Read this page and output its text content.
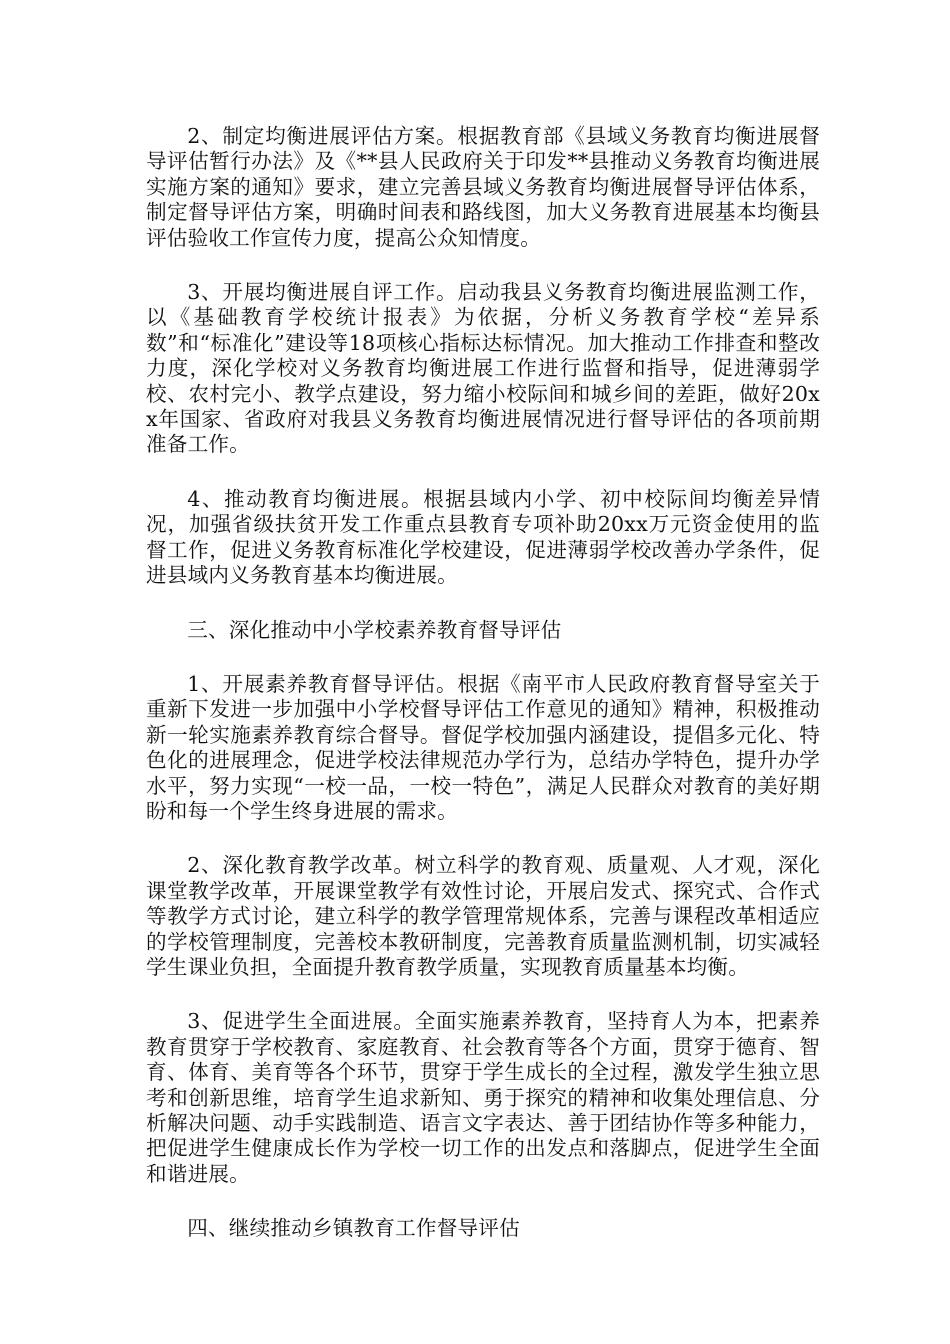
2、制定均衡进展评估方案。根据教育部《县域义务教育均衡进展督导评估暂行办法》及《**县人民政府关于印发**县推动义务教育均衡进展实施方案的通知》要求，建立完善县域义务教育均衡进展督导评估体系，制定督导评估方案，明确时间表和路线图，加大义务教育进展基本均衡县评估验收工作宣传力度，提高公众知情度。

3、开展均衡进展自评工作。启动我县义务教育均衡进展监测工作，以《基础教育学校统计报表》为依据，分析义务教育学校“差异系数”和“标准化”建设等18项核心指标达标情况。加大推动工作排查和整改力度，深化学校对义务教育均衡进展工作进行监督和指导，促进薄弱学校、农村完小、教学点建设，努力缩小校际间和城乡间的差距，做好20xx年国家、省政府对我县义务教育均衡进展情况进行督导评估的各项前期准备工作。

4、推动教育均衡进展。根据县域内小学、初中校际间均衡差异情况，加强省级扶贫开发工作重点县教育专项补助20xx万元资金使用的监督工作，促进义务教育标准化学校建设，促进薄弱学校改善办学条件，促进县域内义务教育基本均衡进展。

三、深化推动中小学校素养教育督导评估

1、开展素养教育督导评估。根据《南平市人民政府教育督导室关于重新下发进一步加强中小学校督导评估工作意见的通知》精神，积极推动新一轮实施素养教育综合督导。督促学校加强内涵建设，提倡多元化、特色化的进展理念，促进学校法律规范办学行为，总结办学特色，提升办学水平，努力实现“一校一品，一校一特色”，满足人民群众对教育的美好期盼和每一个学生终身进展的需求。

2、深化教育教学改革。树立科学的教育观、质量观、人才观，深化课堂教学改革，开展课堂教学有效性讨论，开展启发式、探究式、合作式等教学方式讨论，建立科学的教学管理常规体系，完善与课程改革相适应的学校管理制度，完善校本教研制度，完善教育质量监测机制，切实减轻学生课业负担，全面提升教育教学质量，实现教育质量基本均衡。

3、促进学生全面进展。全面实施素养教育，坚持育人为本，把素养教育贯穿于学校教育、家庭教育、社会教育等各个方面，贯穿于德育、智育、体育、美育等各个环节，贯穿于学生成长的全过程，激发学生独立思考和创新思维，培育学生追求新知、勇于探究的精神和收集处理信息、分析解决问题、动手实践制造、语言文字表达、善于团结协作等多种能力，把促进学生健康成长作为学校一切工作的出发点和落脚点，促进学生全面和谐进展。

四、继续推动乡镇教育工作督导评估
